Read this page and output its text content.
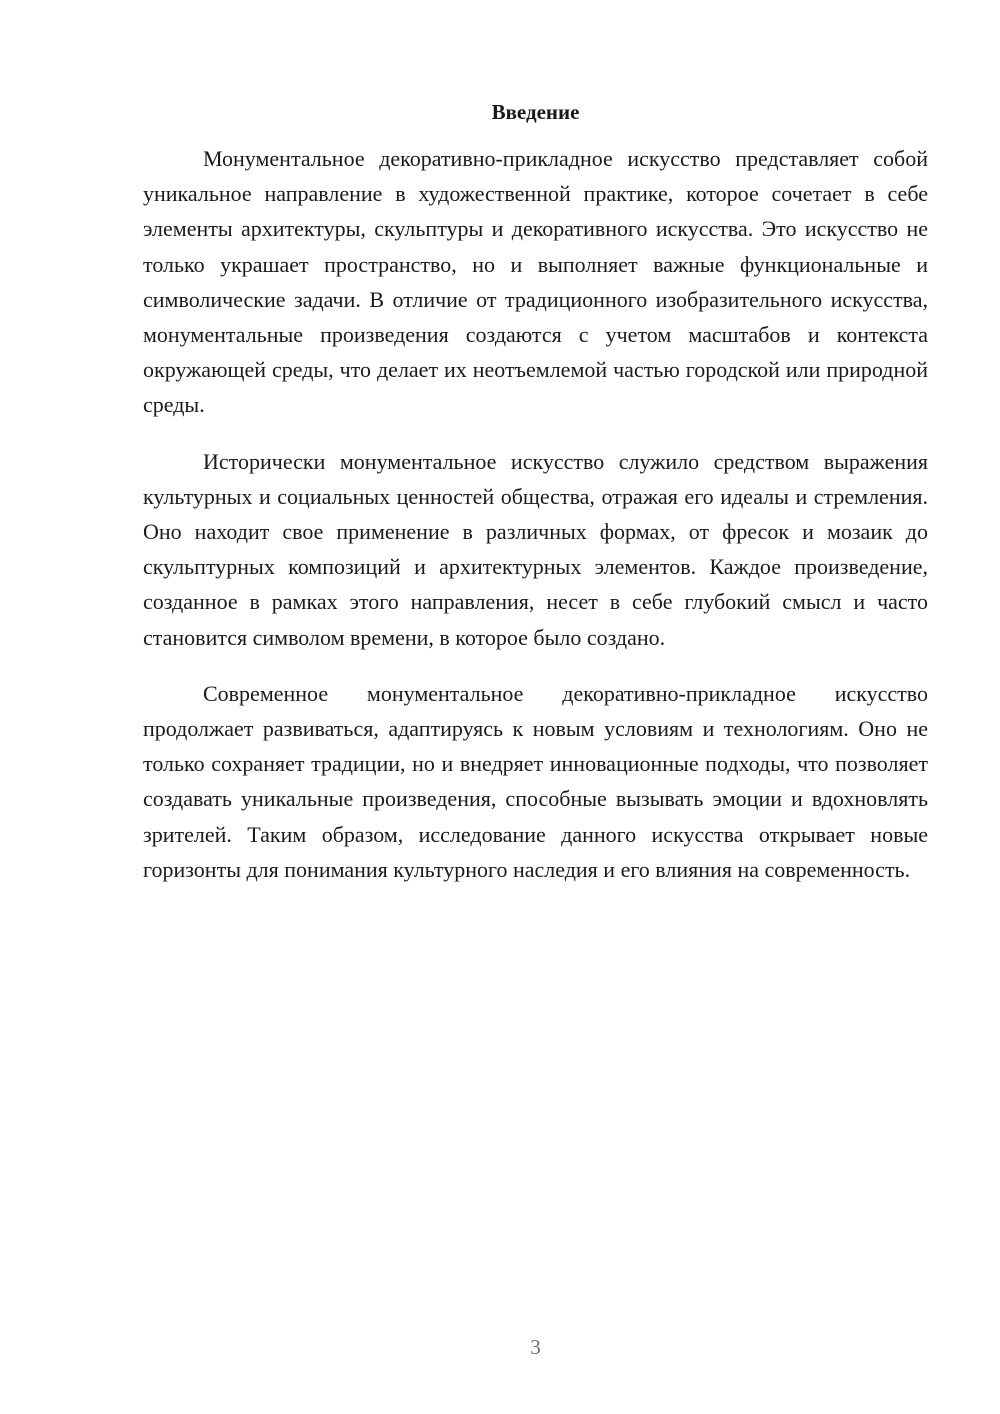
Введение

Монументальное декоративно-прикладное искусство представляет собой уникальное направление в художественной практике, которое сочетает в себе элементы архитектуры, скульптуры и декоративного искусства. Это искусство не только украшает пространство, но и выполняет важные функциональные и символические задачи. В отличие от традиционного изобразительного искусства, монументальные произведения создаются с учетом масштабов и контекста окружающей среды, что делает их неотъемлемой частью городской или природной среды.

Исторически монументальное искусство служило средством выражения культурных и социальных ценностей общества, отражая его идеалы и стремления. Оно находит свое применение в различных формах, от фресок и мозаик до скульптурных композиций и архитектурных элементов. Каждое произведение, созданное в рамках этого направления, несет в себе глубокий смысл и часто становится символом времени, в которое было создано.

Современное монументальное декоративно-прикладное искусство продолжает развиваться, адаптируясь к новым условиям и технологиям. Оно не только сохраняет традиции, но и внедряет инновационные подходы, что позволяет создавать уникальные произведения, способные вызывать эмоции и вдохновлять зрителей. Таким образом, исследование данного искусства открывает новые горизонты для понимания культурного наследия и его влияния на современность.

3
